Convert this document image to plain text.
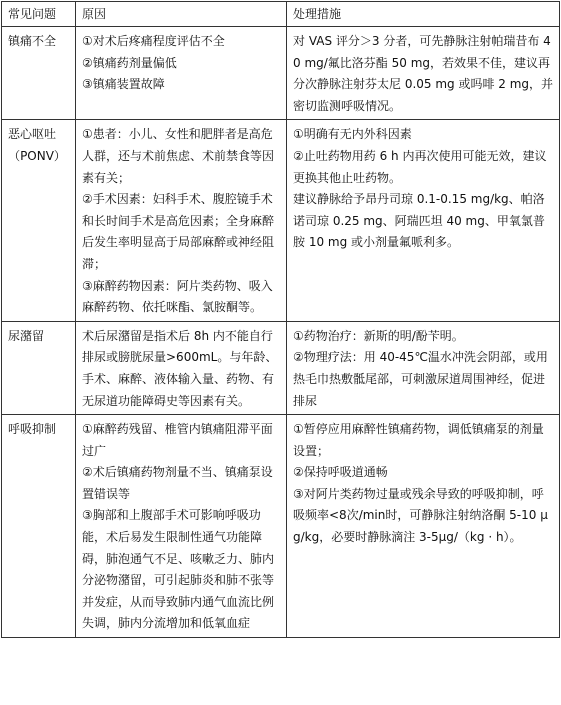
常见问题	原因	处理措施

镇痛不全	①对术后疼痛程度评估不全
②镇痛药剂量偏低
③镇痛装置故障	对 VAS 评分＞3 分者，可先静脉注射帕瑞昔布 40 mg/氟比洛芬酯 50 mg，若效果不佳，建议再分次静脉注射芬太尼 0.05 mg 或吗啡 2 mg，并密切监测呼吸情况。

恶心呕吐
（PONV）	①患者：小儿、女性和肥胖者是高危人群，还与术前焦虑、术前禁食等因素有关；
②手术因素：妇科手术、腹腔镜手术和长时间手术是高危因素；全身麻醉后发生率明显高于局部麻醉或神经阻滞；
③麻醉药物因素：阿片类药物、吸入麻醉药物、依托咪酯、氯胺酮等。	①明确有无内外科因素
②止吐药物用药 6 h 内再次使用可能无效，建议更换其他止吐药物。
建议静脉给予昂丹司琼 0.1-0.15 mg/kg、帕洛诺司琼 0.25 mg、阿瑞匹坦 40 mg、甲氧氯普胺 10 mg 或小剂量氟哌利多。

尿潴留	术后尿潴留是指术后 8h 内不能自行排尿或膀胱尿量>600mL。与年龄、手术、麻醉、液体输入量、药物、有无尿道功能障碍史等因素有关。	①药物治疗：新斯的明/酚苄明。
②物理疗法：用 40-45℃温水冲洗会阴部，或用热毛巾热敷骶尾部，可刺激尿道周围神经，促进排尿

呼吸抑制	①麻醉药残留、椎管内镇痛阻滞平面过广
②术后镇痛药物剂量不当、镇痛泵设置错误等
③胸部和上腹部手术可影响呼吸功能，术后易发生限制性通气功能障碍，肺泡通气不足、咳嗽乏力、肺内分泌物潴留，可引起肺炎和肺不张等并发症，从而导致肺内通气血流比例失调，肺内分流增加和低氧血症	①暂停应用麻醉性镇痛药物，调低镇痛泵的剂量设置；
②保持呼吸道通畅
③对阿片类药物过量或残余导致的呼吸抑制，呼吸频率<8次/min时，可静脉注射纳洛酮 5-10 μg/kg，必要时静脉滴注 3-5μg/（kg · h）。
